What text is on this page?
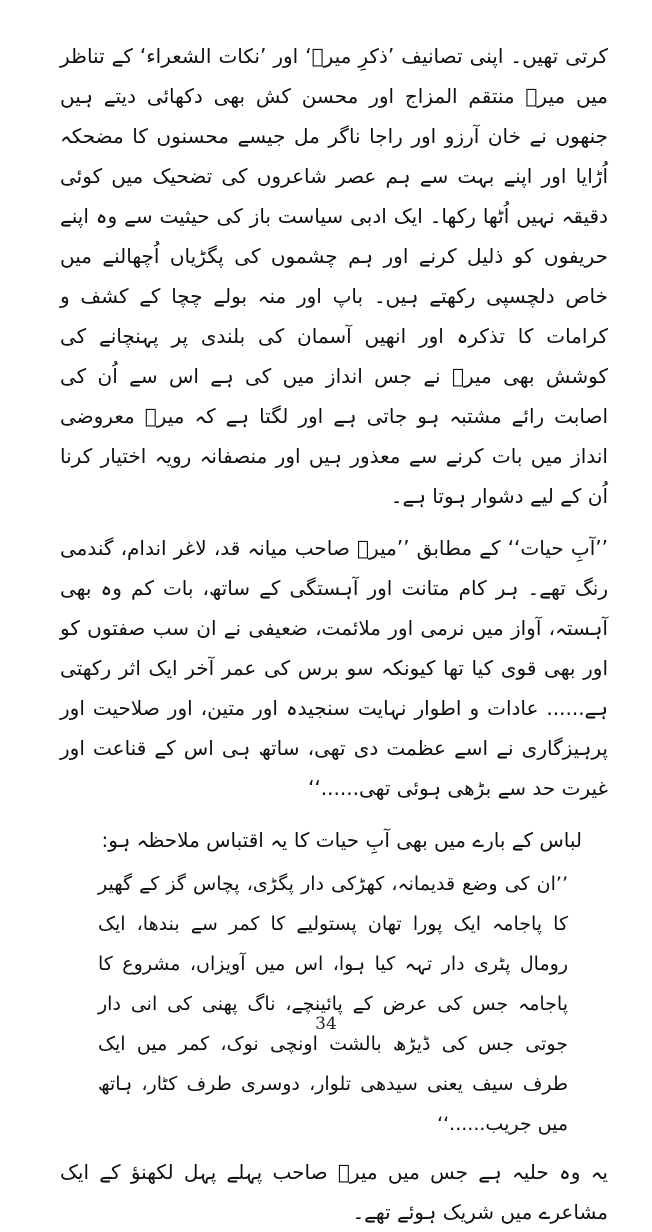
کرتی تھیں۔ اپنی تصانیف ’ذکرِ میرؔ‘ اور ’نکات الشعراء‘ کے تناظر میں میرؔ منتقم المزاج اور محسن کش بھی دکھائی دیتے ہیں جنھوں نے خان آرزو اور راجا ناگر مل جیسے محسنوں کا مضحکہ اُڑایا اور اپنے بہت سے ہم عصر شاعروں کی تضحیک میں کوئی دقیقہ نہیں اُٹھا رکھا۔ ایک ادبی سیاست باز کی حیثیت سے وہ اپنے حریفوں کو ذلیل کرنے اور ہم چشموں کی پگڑیاں اُچھالنے میں خاص دلچسپی رکھتے ہیں۔ باپ اور منہ بولے چچا کے کشف و کرامات کا تذکرہ اور انھیں آسمان کی بلندی پر پہنچانے کی کوشش بھی میرؔ نے جس انداز میں کی ہے اس سے اُن کی اصابت رائے مشتبہ ہو جاتی ہے اور لگتا ہے کہ میرؔ معروضی انداز میں بات کرنے سے معذور ہیں اور منصفانہ رویہ اختیار کرنا اُن کے لیے دشوار ہوتا ہے۔

’’آبِ حیات‘‘ کے مطابق ’’میرؔ صاحب میانہ قد، لاغر اندام، گندمی رنگ تھے۔ ہر کام متانت اور آہستگی کے ساتھ، بات کم وہ بھی آہستہ، آواز میں نرمی اور ملائمت، ضعیفی نے ان سب صفتوں کو اور بھی قوی کیا تھا کیونکہ سو برس کی عمر آخر ایک اثر رکھتی ہے...... عادات و اطوار نہایت سنجیدہ اور متین، اور صلاحیت اور پرہیزگاری نے اسے عظمت دی تھی، ساتھ ہی اس کے قناعت اور غیرت حد سے بڑھی ہوئی تھی......‘‘

لباس کے بارے میں بھی آبِ حیات کا یہ اقتباس ملاحظہ ہو:

’’ان کی وضع قدیمانہ، کھڑکی دار پگڑی، پچاس گز کے گھیر کا پاجامہ ایک پورا تھان پستولیے کا کمر سے بندھا، ایک رومال پٹری دار تہہ کیا ہوا، اس میں آویزاں، مشروع کا پاجامہ جس کی عرض کے پائینچے، ناگ پھنی کی انی دار جوتی جس کی ڈیڑھ بالشت اونچی نوک، کمر میں ایک طرف سیف یعنی سیدھی تلوار، دوسری طرف کٹار، ہاتھ میں جریب......‘‘

یہ وہ حلیہ ہے جس میں میرؔ صاحب پہلے پہل لکھنؤ کے ایک مشاعرے میں شریک ہوئے تھے۔

34
